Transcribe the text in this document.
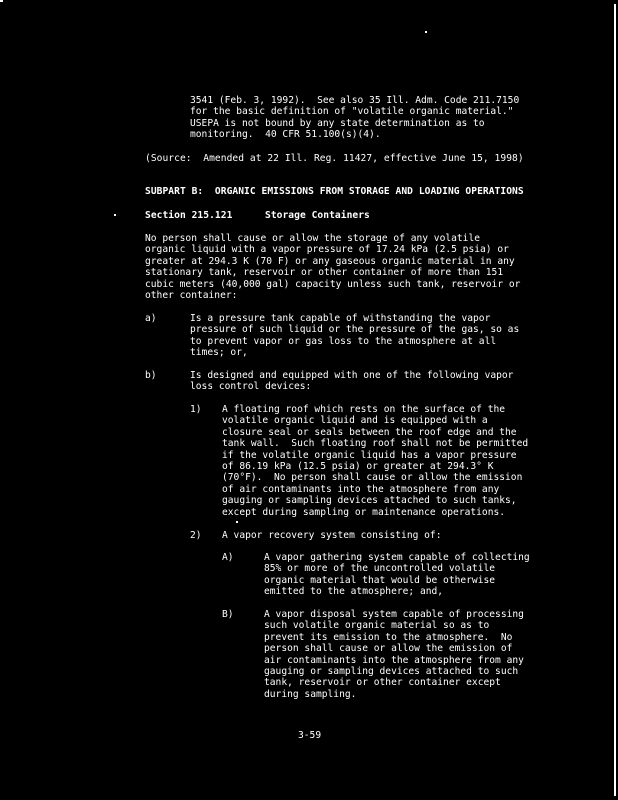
3541 (Feb. 3, 1992).  See also 35 Ill. Adm. Code 211.7150
for the basic definition of "volatile organic material."
USEPA is not bound by any state determination as to
monitoring.  40 CFR 51.100(s)(4).
(Source:  Amended at 22 Ill. Reg. 11427, effective June 15, 1998)
SUBPART B:  ORGANIC EMISSIONS FROM STORAGE AND LOADING OPERATIONS
Section 215.121	Storage Containers
No person shall cause or allow the storage of any volatile
organic liquid with a vapor pressure of 17.24 kPa (2.5 psia) or
greater at 294.3 K (70 F) or any gaseous organic material in any
stationary tank, reservoir or other container of more than 151
cubic meters (40,000 gal) capacity unless such tank, reservoir or
other container:
a)	Is a pressure tank capable of withstanding the vapor
pressure of such liquid or the pressure of the gas, so as
to prevent vapor or gas loss to the atmosphere at all
times; or,
b)	Is designed and equipped with one of the following vapor
loss control devices:
1) A floating roof which rests on the surface of the
volatile organic liquid and is equipped with a
closure seal or seals between the roof edge and the
tank wall.  Such floating roof shall not be permitted
if the volatile organic liquid has a vapor pressure
of 86.19 kPa (12.5 psia) or greater at 294.3° K
(70°F).  No person shall cause or allow the emission
of air contaminants into the atmosphere from any
gauging or sampling devices attached to such tanks,
except during sampling or maintenance operations.
2) A vapor recovery system consisting of:
A)	A vapor gathering system capable of collecting
85% or more of the uncontrolled volatile
organic material that would be otherwise
emitted to the atmosphere; and,
B)	A vapor disposal system capable of processing
such volatile organic material so as to
prevent its emission to the atmosphere.  No
person shall cause or allow the emission of
air contaminants into the atmosphere from any
gauging or sampling devices attached to such
tank, reservoir or other container except
during sampling.
3-59
